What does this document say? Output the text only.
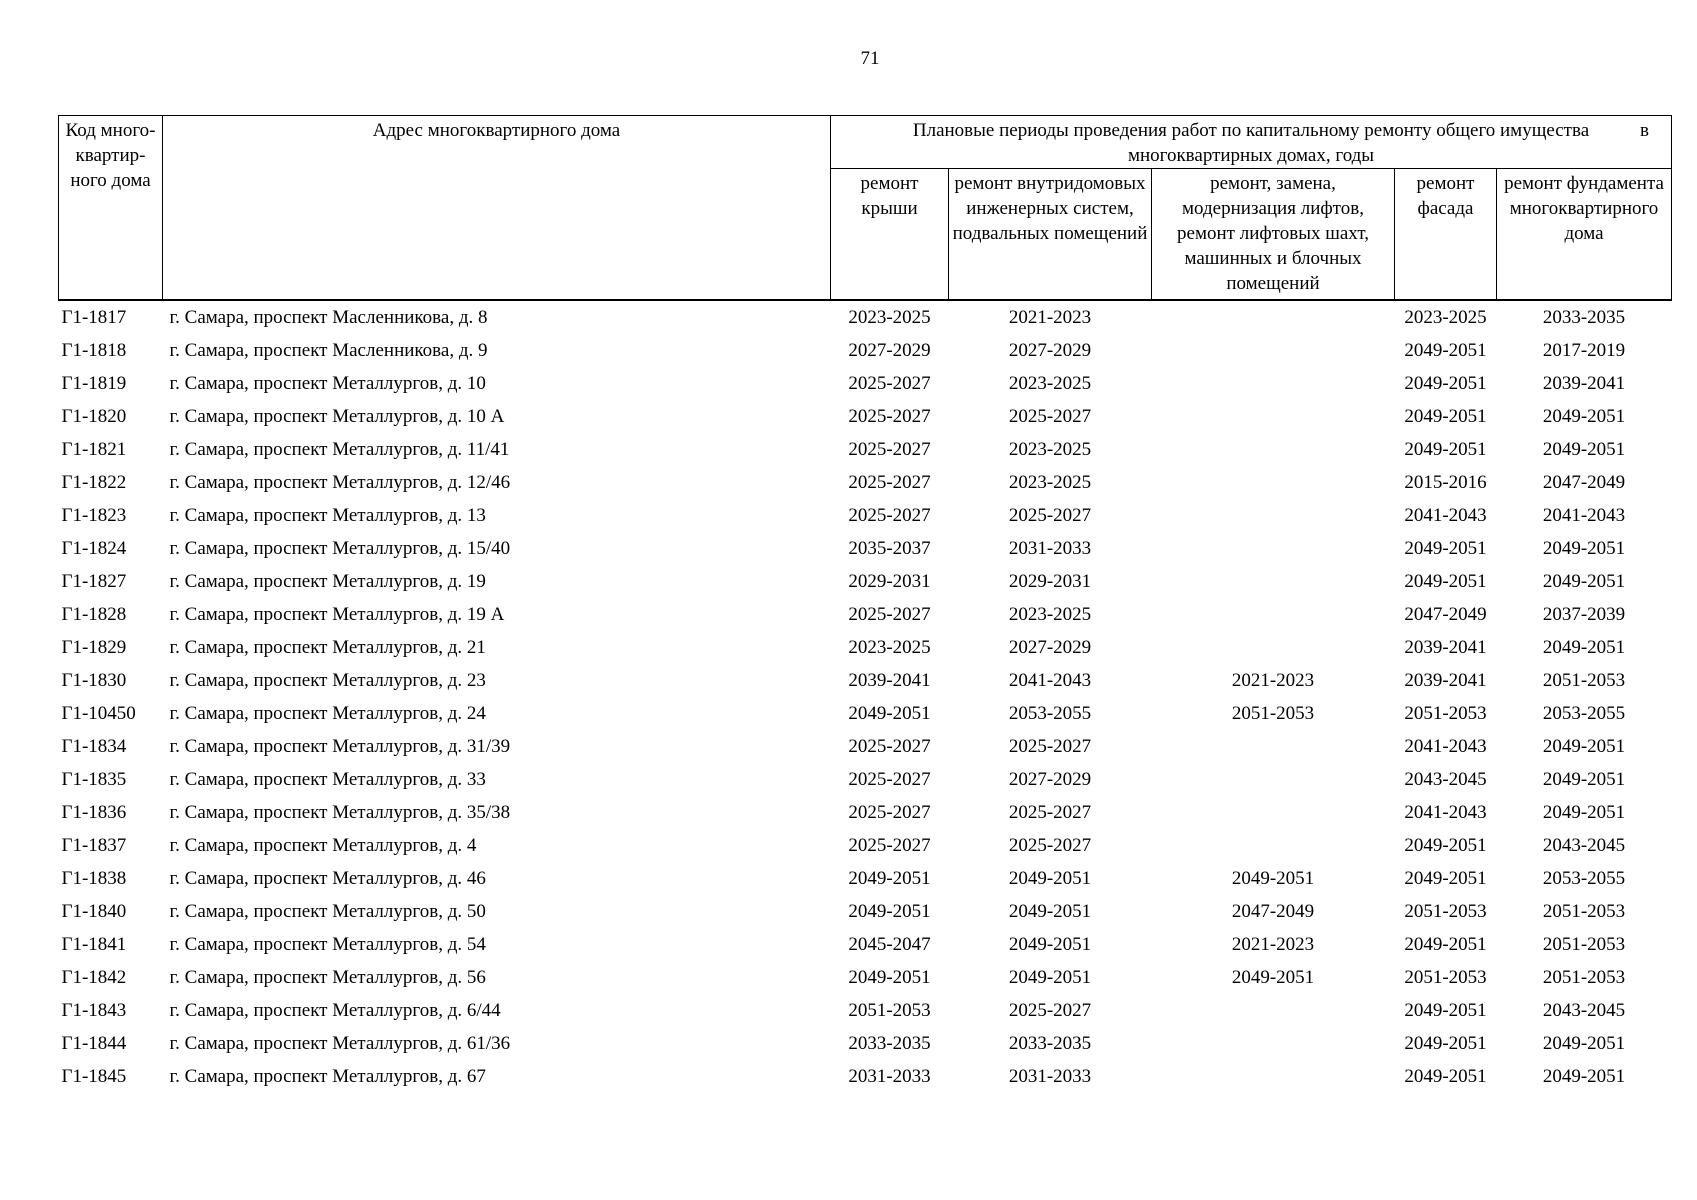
71
Код много-квартир-ного дома	Адрес многоквартирного дома	Плановые периоды проведения работ по капитальному ремонту общего имущества в
многоквартирных домах, годы				

		ремонт крыши	ремонт внутридомовых инженерных систем, подвальных помещений	ремонт, замена, модернизация лифтов, ремонт лифтовых шахт, машинных и блочных помещений	ремонт фасада	ремонт фундамента многоквартирного дома
Г1-1817	г. Самара, проспект Масленникова, д. 8	2023-2025	2021-2023		2023-2025	2033-2035
Г1-1818	г. Самара, проспект Масленникова, д. 9	2027-2029	2027-2029		2049-2051	2017-2019
Г1-1819	г. Самара, проспект Металлургов, д. 10	2025-2027	2023-2025		2049-2051	2039-2041
Г1-1820	г. Самара, проспект Металлургов, д. 10 А	2025-2027	2025-2027		2049-2051	2049-2051
Г1-1821	г. Самара, проспект Металлургов, д. 11/41	2025-2027	2023-2025		2049-2051	2049-2051
Г1-1822	г. Самара, проспект Металлургов, д. 12/46	2025-2027	2023-2025		2015-2016	2047-2049
Г1-1823	г. Самара, проспект Металлургов, д. 13	2025-2027	2025-2027		2041-2043	2041-2043
Г1-1824	г. Самара, проспект Металлургов, д. 15/40	2035-2037	2031-2033		2049-2051	2049-2051
Г1-1827	г. Самара, проспект Металлургов, д. 19	2029-2031	2029-2031		2049-2051	2049-2051
Г1-1828	г. Самара, проспект Металлургов, д. 19 А	2025-2027	2023-2025		2047-2049	2037-2039
Г1-1829	г. Самара, проспект Металлургов, д. 21	2023-2025	2027-2029		2039-2041	2049-2051
Г1-1830	г. Самара, проспект Металлургов, д. 23	2039-2041	2041-2043	2021-2023	2039-2041	2051-2053
Г1-10450	г. Самара, проспект Металлургов, д. 24	2049-2051	2053-2055	2051-2053	2051-2053	2053-2055
Г1-1834	г. Самара, проспект Металлургов, д. 31/39	2025-2027	2025-2027		2041-2043	2049-2051
Г1-1835	г. Самара, проспект Металлургов, д. 33	2025-2027	2027-2029		2043-2045	2049-2051
Г1-1836	г. Самара, проспект Металлургов, д. 35/38	2025-2027	2025-2027		2041-2043	2049-2051
Г1-1837	г. Самара, проспект Металлургов, д. 4	2025-2027	2025-2027		2049-2051	2043-2045
Г1-1838	г. Самара, проспект Металлургов, д. 46	2049-2051	2049-2051	2049-2051	2049-2051	2053-2055
Г1-1840	г. Самара, проспект Металлургов, д. 50	2049-2051	2049-2051	2047-2049	2051-2053	2051-2053
Г1-1841	г. Самара, проспект Металлургов, д. 54	2045-2047	2049-2051	2021-2023	2049-2051	2051-2053
Г1-1842	г. Самара, проспект Металлургов, д. 56	2049-2051	2049-2051	2049-2051	2051-2053	2051-2053
Г1-1843	г. Самара, проспект Металлургов, д. 6/44	2051-2053	2025-2027		2049-2051	2043-2045
Г1-1844	г. Самара, проспект Металлургов, д. 61/36	2033-2035	2033-2035		2049-2051	2049-2051
Г1-1845	г. Самара, проспект Металлургов, д. 67	2031-2033	2031-2033		2049-2051	2049-2051
